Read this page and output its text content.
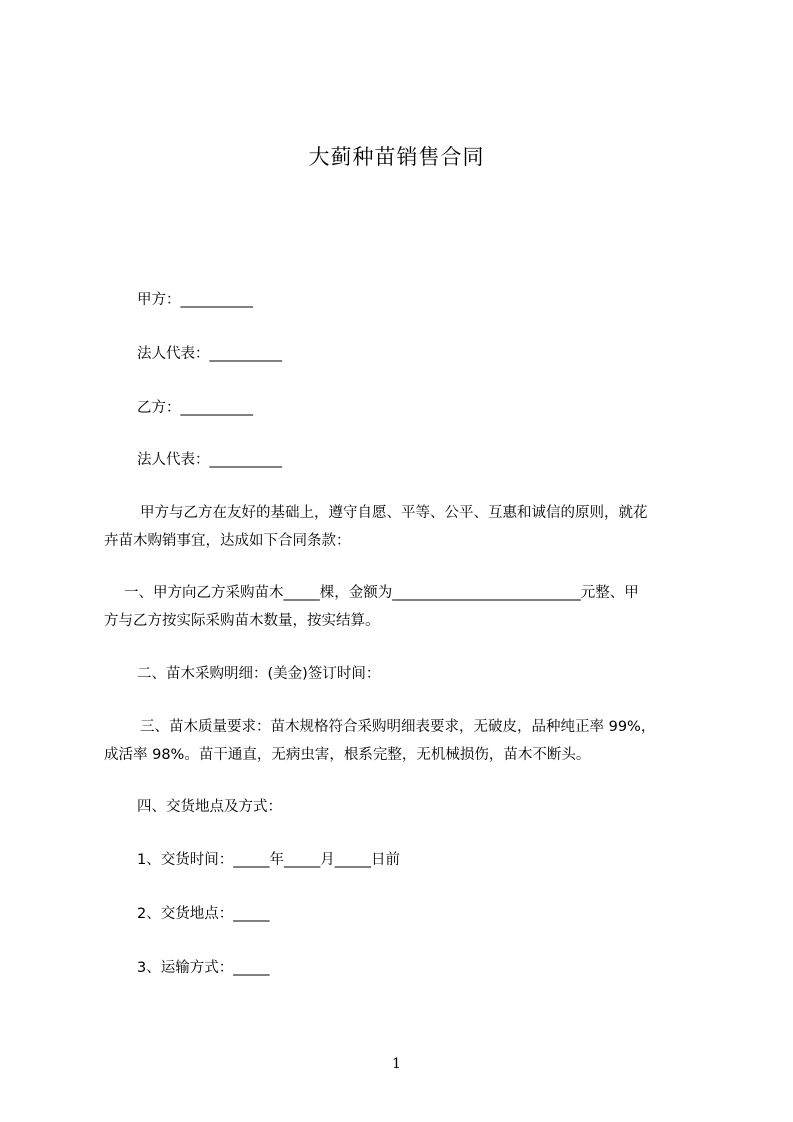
大蓟种苗销售合同
甲方：__________
法人代表：__________
乙方：__________
法人代表：__________
甲方与乙方在友好的基础上，遵守自愿、平等、公平、互惠和诚信的原则，就花
卉苗木购销事宜，达成如下合同条款：
一、甲方向乙方采购苗木_____棵，金额为__________________________元整、甲
方与乙方按实际采购苗木数量，按实结算。
二、苗木采购明细：(美金)签订时间：
三、苗木质量要求：苗木规格符合采购明细表要求，无破皮，品种纯正率 99%，
成活率 98%。苗干通直，无病虫害，根系完整，无机械损伤，苗木不断头。
四、交货地点及方式：
1、交货时间：_____年_____月_____日前
2、交货地点：_____
3、运输方式：_____
1
